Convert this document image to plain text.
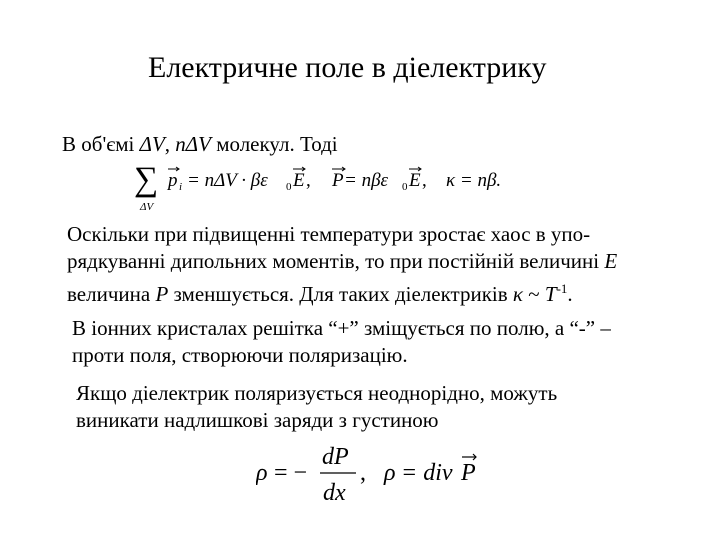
Електричне поле в діелектрику
В об'ємі ΔV, nΔV молекул. Тоді
∑
ΔV
p i = nΔV · βε 0 E , P = nβε 0 E , κ = nβ.
Оскільки при підвищенні температури зростає хаос в упо-
рядкуванні дипольних моментів, то при постійній величині E
величина P зменшується. Для таких діелектриків κ ~ $T^{-1}$.
В іонних кристалах решітка “+” зміщується по полю, а “-” –
проти поля, створюючи поляризацію.
Якщо діелектрик поляризується неоднорідно, можуть
виникати надлишкові заряди з густиною
ρ = −
dP
dx
, ρ = div P
